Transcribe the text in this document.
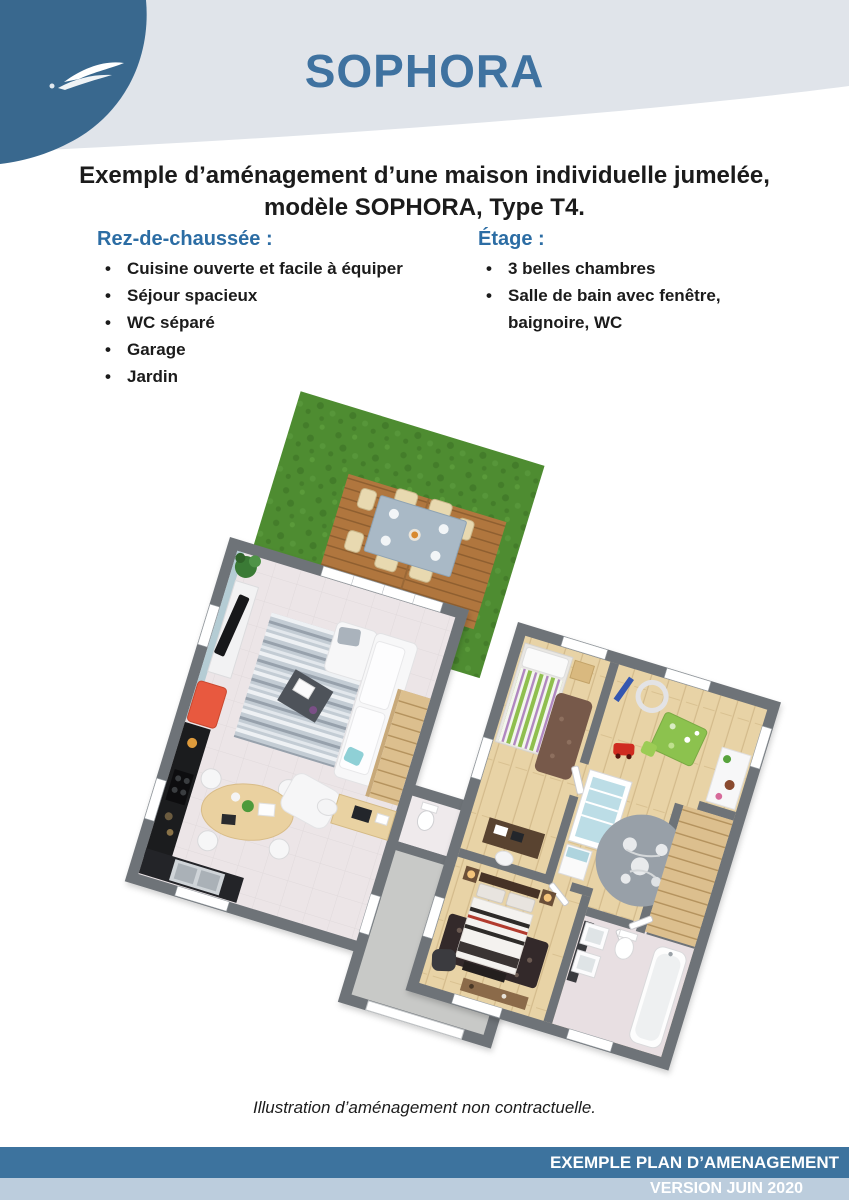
SOPHORA
Exemple d’aménagement d’une maison individuelle jumelée,
modèle SOPHORA, Type T4.
Rez-de-chaussée :
• Cuisine ouverte et facile à équiper
• Séjour spacieux
• WC séparé
• Garage
• Jardin
Étage :
• 3 belles chambres
• Salle de bain avec fenêtre, baignoire, WC
Illustration d’aménagement non contractuelle.
EXEMPLE PLAN D’AMENAGEMENT
VERSION JUIN 2020
